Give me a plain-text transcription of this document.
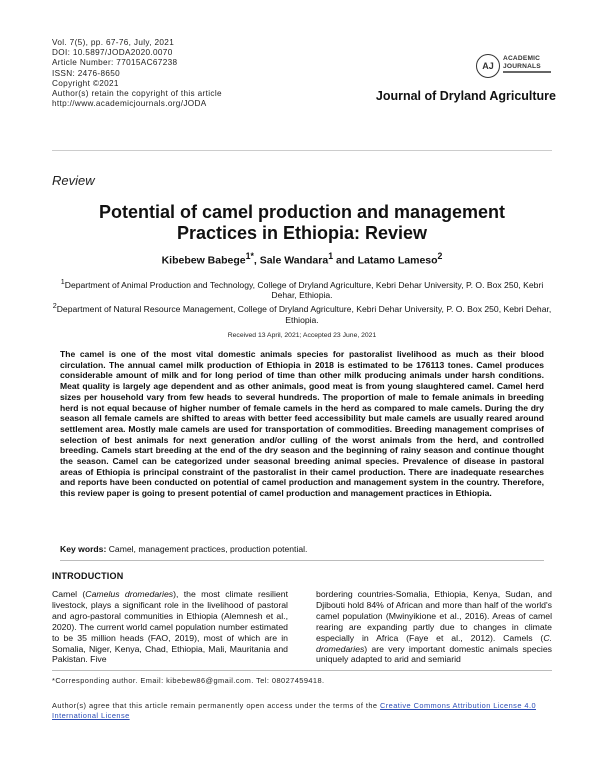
Vol. 7(5), pp. 67-76, July, 2021
DOI: 10.5897/JODA2020.0070
Article Number: 77015AC67238
ISSN: 2476-8650
Copyright ©2021
Author(s) retain the copyright of this article
http://www.academicjournals.org/JODA
AJ
ACADEMIC
JOURNALS
Journal of Dryland Agriculture
Review
Potential of camel production and management
Practices in Ethiopia: Review
Kibebew Babege$^{1*}$, Sale Wandara$^1$ and Latamo Lameso$^2$
$^1$Department of Animal Production and Technology, College of Dryland Agriculture, Kebri Dehar University, P. O. Box 250, Kebri Dehar, Ethiopia.
$^2$Department of Natural Resource Management, College of Dryland Agriculture, Kebri Dehar University, P. O. Box 250, Kebri Dehar, Ethiopia.
Received 13 April, 2021; Accepted 23 June, 2021
The camel is one of the most vital domestic animals species for pastoralist livelihood as much as their blood circulation. The annual camel milk production of Ethiopia in 2018 is estimated to be 176113 tones. Camel produces considerable amount of milk and for long period of time than other milk producing animals under harsh conditions. Meat quality is largely age dependent and as other animals, good meat is from young slaughtered camel. Camel herd sizes per household vary from few heads to several hundreds. The proportion of male to female animals in breeding herd is not equal because of higher number of female camels in the herd as compared to male camels. During the dry season all female camels are shifted to areas with better feed accessibility but male camels are usually reared around settlement area. Mostly male camels are used for transportation of commodities. Breeding management comprises of selection of best animals for next generation and/or culling of the worst animals from the herd, and controlled breeding. Camels start breeding at the end of the dry season and the beginning of rainy season and continue thought the season. Camel can be categorized under seasonal breeding animal species. Prevalence of disease in pastoral areas of Ethiopia is principal constraint of the pastoralist in their camel production. There are inadequate researches and reports have been conducted on potential of camel production and management system in the country. Therefore, this review paper is going to present potential of camel production and management practices in Ethiopia.
Key words: Camel, management practices, production potential.
INTRODUCTION
Camel (Camelus dromedaries), the most climate resilient livestock, plays a significant role in the livelihood of pastoral and agro-pastoral communities in Ethiopia (Alemnesh et al., 2020). The current world camel population number estimated to be 35 million heads (FAO, 2019), most of which are in Somalia, Niger, Kenya, Chad, Ethiopia, Mali, Mauritania and Pakistan. Five
bordering countries-Somalia, Ethiopia, Kenya, Sudan, and Djibouti hold 84% of African and more than half of the world's camel population (Mwinyikione et al., 2016). Areas of camel rearing are expanding partly due to changes in climate especially in Africa (Faye et al., 2012). Camels (C. dromedaries) are very important domestic animals species uniquely adapted to arid and semiarid
*Corresponding author. Email: kibebew86@gmail.com. Tel: 08027459418.
Author(s) agree that this article remain permanently open access under the terms of the Creative Commons Attribution License 4.0 International License
